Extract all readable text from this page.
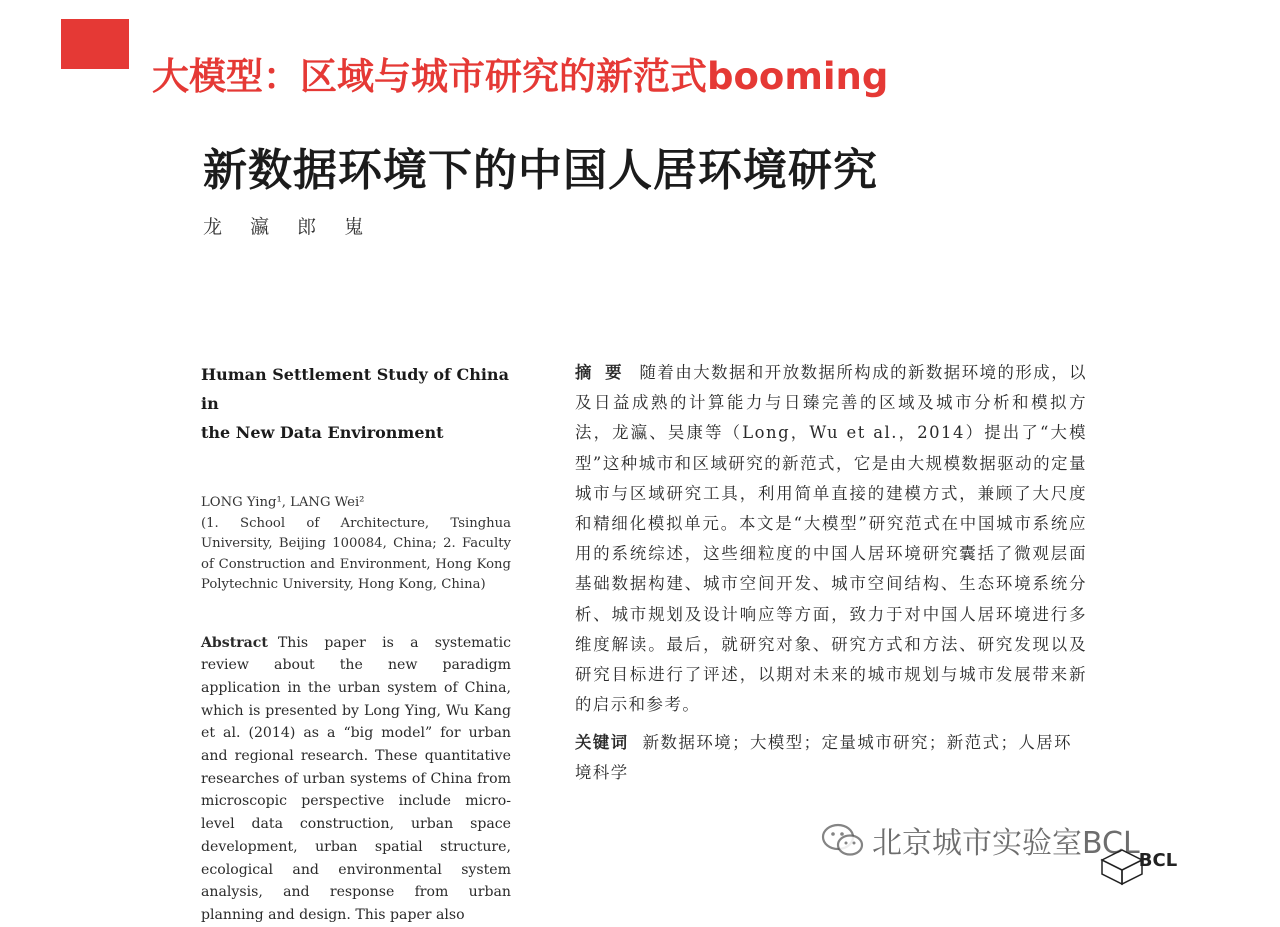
大模型：区域与城市研究的新范式booming
新数据环境下的中国人居环境研究
龙 瀛 郎 嵬

Human Settlement Study of China in
the New Data Environment

LONG Ying¹, LANG Wei²
(1. School of Architecture, Tsinghua University, Beijing 100084, China; 2. Faculty of Construction and Environment, Hong Kong Polytechnic University, Hong Kong, China)
Abstract This paper is a systematic review about the new paradigm application in the urban system of China, which is presented by Long Ying, Wu Kang et al. (2014) as a “big model” for urban and regional research. These quantitative researches of urban systems of China from microscopic perspective include micro-level data construction, urban space development, urban spatial structure, ecological and environmental system analysis, and response from urban planning and design. This paper also

摘 要 随着由大数据和开放数据所构成的新数据环境的形成，以及日益成熟的计算能力与日臻完善的区域及城市分析和模拟方法，龙瀛、吴康等（Long，Wu et al.，2014）提出了“大模型”这种城市和区域研究的新范式，它是由大规模数据驱动的定量城市与区域研究工具，利用简单直接的建模方式，兼顾了大尺度和精细化模拟单元。本文是“大模型”研究范式在中国城市系统应用的系统综述，这些细粒度的中国人居环境研究囊括了微观层面基础数据构建、城市空间开发、城市空间结构、生态环境系统分析、城市规划及设计响应等方面，致力于对中国人居环境进行多维度解读。最后，就研究对象、研究方式和方法、研究发现以及研究目标进行了评述，以期对未来的城市规划与城市发展带来新的启示和参考。

关键词 新数据环境；大模型；定量城市研究；新范式；人居环境科学
北京城市实验室BCL BCL
